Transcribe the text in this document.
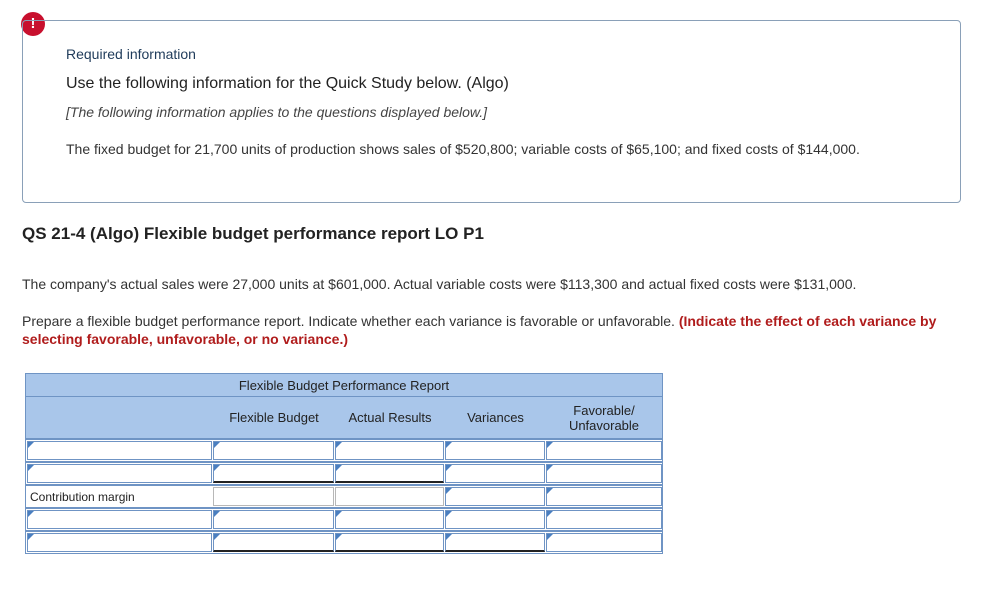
!
Required information
Use the following information for the Quick Study below. (Algo)
[The following information applies to the questions displayed below.]
The fixed budget for 21,700 units of production shows sales of $520,800; variable costs of $65,100; and fixed costs of $144,000.
QS 21-4 (Algo) Flexible budget performance report LO P1
The company's actual sales were 27,000 units at $601,000. Actual variable costs were $113,300 and actual fixed costs were $131,000.
Prepare a flexible budget performance report. Indicate whether each variance is favorable or unfavorable. (Indicate the effect of each variance by selecting favorable, unfavorable, or no variance.)
Flexible Budget Performance Report
Flexible Budget	Actual Results	Variances	Favorable/ Unfavorable
Contribution margin
